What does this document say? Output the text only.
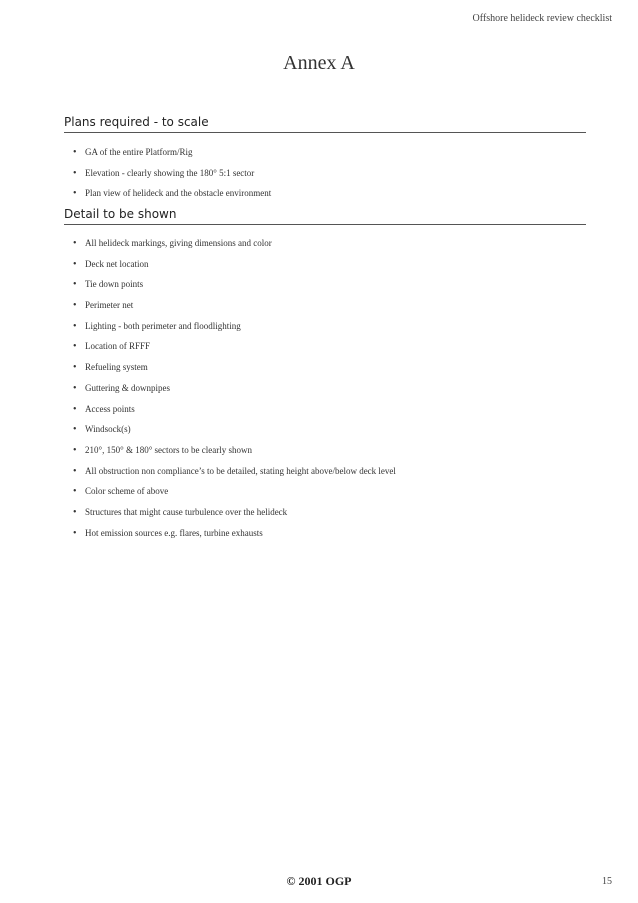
Offshore helideck review checklist
Annex A
Plans required - to scale
• GA of the entire Platform/Rig
• Elevation - clearly showing the 180° 5:1 sector
• Plan view of helideck and the obstacle environment
Detail to be shown
• All helideck markings, giving dimensions and color
• Deck net location
• Tie down points
• Perimeter net
• Lighting - both perimeter and floodlighting
• Location of RFFF
• Refueling system
• Guttering & downpipes
• Access points
• Windsock(s)
• 210°, 150° & 180° sectors to be clearly shown
• All obstruction non compliance’s to be detailed, stating height above/below deck level
• Color scheme of above
• Structures that might cause turbulence over the helideck
• Hot emission sources e.g. flares, turbine exhausts
© 2001 OGP	15
